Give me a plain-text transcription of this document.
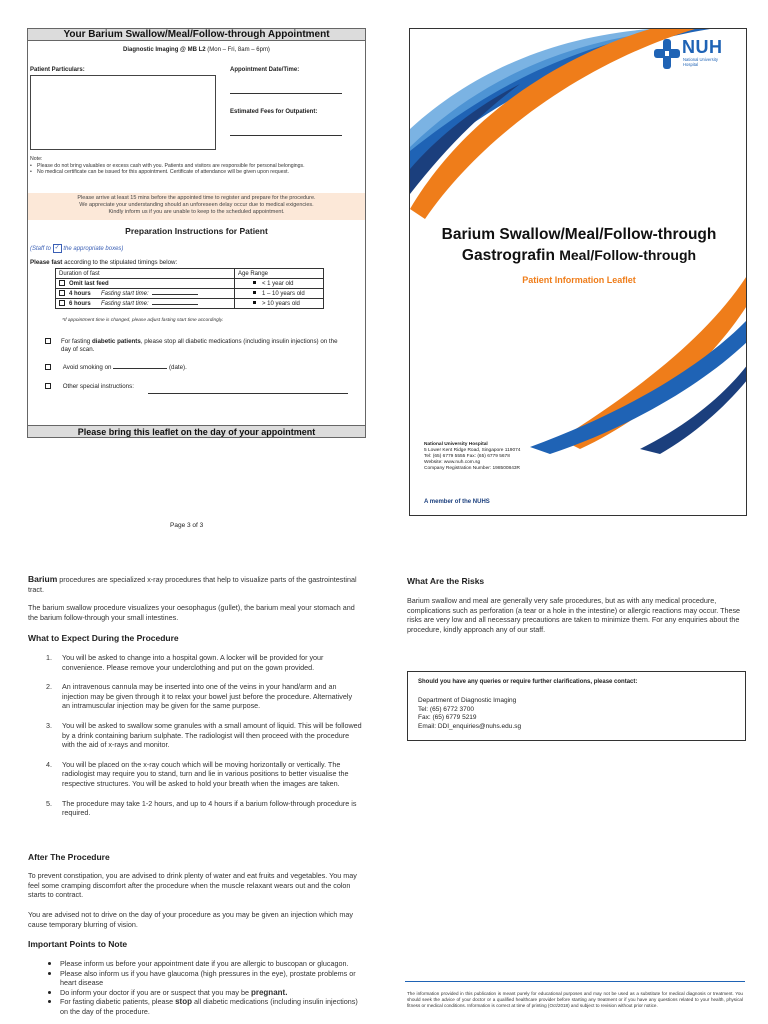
Your Barium Swallow/Meal/Follow-through Appointment
Diagnostic Imaging @ MB L2 (Mon – Fri, 8am – 6pm)
Patient Particulars:	Appointment Date/Time:
Estimated Fees for Outpatient:
Note:
• Please do not bring valuables or excess cash with you. Patients and visitors are responsible for personal belongings.
• No medical certificate can be issued for this appointment. Certificate of attendance will be given upon request.
Please arrive at least 15 mins before the appointed time to register and prepare for the procedure.
We appreciate your understanding should an unforeseen delay occur due to medical exigencies.
Kindly inform us if you are unable to keep to the scheduled appointment.
Preparation Instructions for Patient
(Staff to ✓ the appropriate boxes)
Please fast according to the stipulated timings below:
Duration of fast	Age Range
Omit last feed	< 1 year old
4 hours Fasting start time:	1 – 10 years old
6 hours Fasting start time:	> 10 years old
*If appointment time is changed, please adjust fasting start time accordingly.
For fasting diabetic patients, please stop all diabetic medications (including insulin injections) on the day of scan.
Avoid smoking on	(date).
Other special instructions:
Please bring this leaflet on the day of your appointment
Page 3 of 3
NUH
National University
Hospital
Barium Swallow/Meal/Follow-through
Gastrografin Meal/Follow-through
Patient Information Leaflet
National University Hospital
5 Lower Kent Ridge Road, Singapore 119074
Tel: (65) 6779 5555 Fax: (65) 6779 5678
Website: www.nuh.com.sg
Company Registration Number: 198500843R
A member of the NUHS
Barium procedures are specialized x-ray procedures that help to visualize parts of the gastrointestinal tract.
The barium swallow procedure visualizes your oesophagus (gullet), the barium meal your stomach and the barium follow-through your small intestines.
What to Expect During the Procedure
1. You will be asked to change into a hospital gown. A locker will be provided for your convenience. Please remove your underclothing and put on the gown provided.
2. An intravenous cannula may be inserted into one of the veins in your hand/arm and an injection may be given through it to relax your bowel just before the procedure. Alternatively an intramuscular injection may be given for the same purpose.
3. You will be asked to swallow some granules with a small amount of liquid. This will be followed by a drink containing barium sulphate. The radiologist will then proceed with the procedure with the aid of x-rays and monitor.
4. You will be placed on the x-ray couch which will be moving horizontally or vertically. The radiologist may require you to stand, turn and lie in various positions to better visualise the respective structures. You will be asked to hold your breath when the images are taken.
5. The procedure may take 1-2 hours, and up to 4 hours if a barium follow-through procedure is required.
After The Procedure
To prevent constipation, you are advised to drink plenty of water and eat fruits and vegetables. You may feel some cramping discomfort after the procedure when the muscle relaxant wears out and the colon starts to contract.
You are advised not to drive on the day of your procedure as you may be given an injection which may cause temporary blurring of vision.
Important Points to Note
Please inform us before your appointment date if you are allergic to buscopan or glucagon.
Please also inform us if you have glaucoma (high pressures in the eye), prostate problems or heart disease
Do inform your doctor if you are or suspect that you may be pregnant.
For fasting diabetic patients, please stop all diabetic medications (including insulin injections) on the day of the procedure.
What Are the Risks
Barium swallow and meal are generally very safe procedures, but as with any medical procedure, complications such as perforation (a tear or a hole in the intestine) or allergic reactions may occur. These risks are very low and all necessary precautions are taken to minimize them. For any enquiries about the procedure, kindly approach any of our staff.
Should you have any queries or require further clarifications, please contact:
Department of Diagnostic Imaging
Tel: (65) 6772 3700
Fax: (65) 6779 5219
Email: DDI_enquiries@nuhs.edu.sg
The information provided in this publication is meant purely for educational purposes and may not be used as a substitute for medical diagnosis or treatment. You should seek the advice of your doctor or a qualified healthcare provider before starting any treatment or if you have any questions related to your health, physical fitness or medical conditions. Information is correct at time of printing (Oct/2018) and subject to revision without prior notice.
